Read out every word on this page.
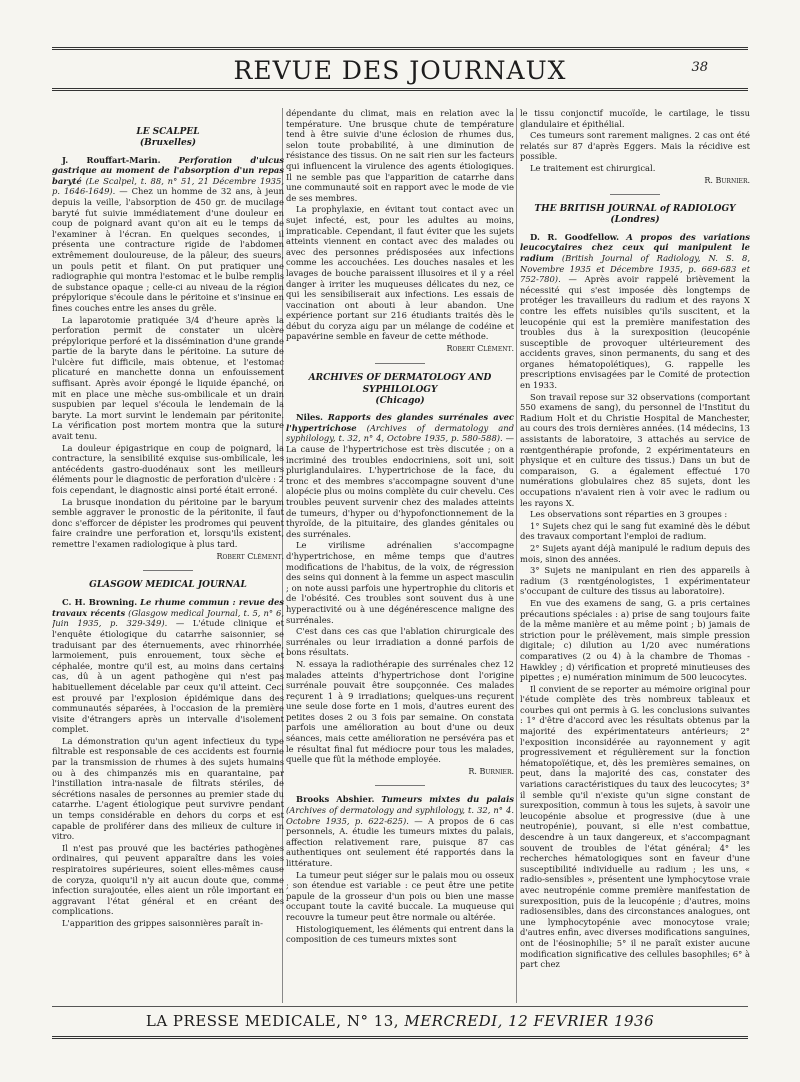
REVUE DES JOURNAUX	38
LE SCALPEL
(Bruxelles)

J. Rouffart-Marin. Perforation d'ulcus gastrique au moment de l'absorption d'un repas baryté (Le Scalpel, t. 88, n° 51, 21 Décembre 1935, p. 1646-1649). — Chez un homme de 32 ans, à jeun depuis la veille, l'absorption de 450 gr. de mucilage baryté fut suivie immédiatement d'une douleur en coup de poignard avant qu'on ait eu le temps de l'examiner à l'écran. En quelques secondes, il présenta une contracture rigide de l'abdomen extrêmement douloureuse, de la pâleur, des sueurs, un pouls petit et filant. On put pratiquer une radiographie qui montra l'estomac et le bulbe remplis de substance opaque ; celle-ci au niveau de la région prépylorique s'écoule dans le péritoine et s'insinue en fines couches entre les anses du grêle.

La laparotomie pratiquée 3/4 d'heure après la perforation permit de constater un ulcère prépylorique perforé et la dissémination d'une grande partie de la baryte dans le péritoine. La suture de l'ulcère fut difficile, mais obtenue, et l'estomac plicaturé en manchette donna un enfouissement suffisant. Après avoir épongé le liquide épanché, on mit en place une mèche sus-ombilicale et un drain suspubien par lequel s'écoula le lendemain de la baryte. La mort survint le lendemain par péritonite. La vérification post mortem montra que la suture avait tenu.

La douleur épigastrique en coup de poignard, la contracture, la sensibilité exquise sus-ombilicale, les antécédents gastro-duodénaux sont les meilleurs éléments pour le diagnostic de perforation d'ulcère : 2 fois cependant, le diagnostic ainsi porté était erroné.

La brusque inondation du péritoine par le baryum semble aggraver le pronostic de la péritonite, il faut donc s'efforcer de dépister les prodromes qui peuvent faire craindre une perforation et, lorsqu'ils existent, remettre l'examen radiologique à plus tard.

Robert Clément.
GLASGOW MEDICAL JOURNAL

C. H. Browning. Le rhume commun : revue des travaux récents (Glasgow medical Journal, t. 5, n° 6, Juin 1935, p. 329-349). — L'étude clinique et l'enquête étiologique du catarrhe saisonnier, se traduisant par des éternuements, avec rhinorrhée, larmoiement, puis enrouement, toux sèche et céphalée, montre qu'il est, au moins dans certains cas, dû à un agent pathogène qui n'est pas habituellement décelable par ceux qu'il atteint. Ceci est prouvé par l'explosion épidémique dans des communautés séparées, à l'occasion de la première visite d'étrangers après un intervalle d'isolement complet.

La démonstration qu'un agent infectieux du type filtrable est responsable de ces accidents est fournie par la transmission de rhumes à des sujets humains ou à des chimpanzés mis en quarantaine, par l'instillation intra-nasale de filtrats stériles, de sécrétions nasales de personnes au premier stade du catarrhe. L'agent étiologique peut survivre pendant un temps considérable en dehors du corps et est capable de proliférer dans des milieux de culture in vitro.

Il n'est pas prouvé que les bactéries pathogènes ordinaires, qui peuvent apparaître dans les voies respiratoires supérieures, soient elles-mêmes cause de coryza, quoiqu'il n'y ait aucun doute que, comme infection surajoutée, elles aient un rôle important en aggravant l'état général et en créant des complications.

L'apparition des grippes saisonnières paraît in-

dépendante du climat, mais en relation avec la température. Une brusque chute de température tend à être suivie d'une éclosion de rhumes dus, selon toute probabilité, à une diminution de résistance des tissus. On ne sait rien sur les facteurs qui influencent la virulence des agents étiologiques. Il ne semble pas que l'apparition de catarrhe dans une communauté soit en rapport avec le mode de vie de ses membres.

La prophylaxie, en évitant tout contact avec un sujet infecté, est, pour les adultes au moins, impraticable. Cependant, il faut éviter que les sujets atteints viennent en contact avec des malades ou avec des personnes prédisposées aux infections comme les accouchées. Les douches nasales et les lavages de bouche paraissent illusoires et il y a réel danger à irriter les muqueuses délicates du nez, ce qui les sensibiliserait aux infections. Les essais de vaccination ont abouti à leur abandon. Une expérience portant sur 216 étudiants traités dès le début du coryza aigu par un mélange de codéine et papavérine semble en faveur de cette méthode.

Robert Clément.
ARCHIVES OF DERMATOLOGY AND SYPHILOLOGY
(Chicago)

Niles. Rapports des glandes surrénales avec l'hypertrichose (Archives of dermatology and syphilology, t. 32, n° 4, Octobre 1935, p. 580-588). — La cause de l'hypertrichose est très discutée ; on a incriminé des troubles endocriniens, soit uni, soit pluriglandulaires. L'hypertrichose de la face, du tronc et des membres s'accompagne souvent d'une alopécie plus ou moins complète du cuir chevelu. Ces troubles peuvent survenir chez des malades atteints de tumeurs, d'hyper ou d'hypofonctionnement de la thyroïde, de la pituitaire, des glandes génitales ou des surrénales.

Le virilisme adrénalien s'accompagne d'hypertrichose, en même temps que d'autres modifications de l'habitus, de la voix, de régression des seins qui donnent à la femme un aspect masculin ; on note aussi parfois une hypertrophie du clitoris et de l'obésité. Ces troubles sont souvent dus à une hyperactivité ou à une dégénérescence maligne des surrénales.

C'est dans ces cas que l'ablation chirurgicale des surrénales ou leur irradiation a donné parfois de bons résultats.

N. essaya la radiothérapie des surrénales chez 12 malades atteints d'hypertrichose dont l'origine surrénale pouvait être soupçonnée. Ces malades reçurent 1 à 9 irradiations; quelques-uns reçurent une seule dose forte en 1 mois, d'autres eurent des petites doses 2 ou 3 fois par semaine. On constata parfois une amélioration au bout d'une ou deux séances, mais cette amélioration ne persévéra pas et le résultat final fut médiocre pour tous les malades, quelle que fût la méthode employée.

R. Burnier.

Brooks Abshier. Tumeurs mixtes du palais (Archives of dermatology and syphilology, t. 32, n° 4. Octobre 1935, p. 622-625). — A propos de 6 cas personnels, A. étudie les tumeurs mixtes du palais, affection relativement rare, puisque 87 cas authentiques ont seulement été rapportés dans la littérature.

La tumeur peut siéger sur le palais mou ou osseux ; son étendue est variable : ce peut être une petite papule de la grosseur d'un pois ou bien une masse occupant toute la cavité buccale. La muqueuse qui recouvre la tumeur peut être normale ou altérée.

Histologiquement, les éléments qui entrent dans la composition de ces tumeurs mixtes sont

le tissu conjonctif mucoïde, le cartilage, le tissu glandulaire et épithélial.

Ces tumeurs sont rarement malignes. 2 cas ont été relatés sur 87 d'après Eggers. Mais la récidive est possible.

Le traitement est chirurgical.

R. Burnier.
THE BRITISH JOURNAL of RADIOLOGY
(Londres)

D. R. Goodfellow. A propos des variations leucocytaires chez ceux qui manipulent le radium (British Journal of Radiology, N. S. 8, Novembre 1935 et Décembre 1935, p. 669-683 et 752-780). — Après avoir rappelé brièvement la nécessité qui s'est imposée dès longtemps de protéger les travailleurs du radium et des rayons X contre les effets nuisibles qu'ils suscitent, et la leucopénie qui est la première manifestation des troubles dus à la surexposition (leucopénie susceptible de provoquer ultérieurement des accidents graves, sinon permanents, du sang et des organes hématopoïétiques), G. rappelle les prescriptions envisagées par le Comité de protection en 1933.

Son travail repose sur 32 observations (comportant 550 examens de sang), du personnel de l'Institut du Radium Holt et du Christie Hospital de Manchester, au cours des trois dernières années. (14 médecins, 13 assistants de laboratoire, 3 attachés au service de rœntgenthérapie profonde, 2 expérimentateurs en physique et en culture des tissus.) Dans un but de comparaison, G. a également effectué 170 numérations globulaires chez 85 sujets, dont les occupations n'avaient rien à voir avec le radium ou les rayons X.

Les observations sont réparties en 3 groupes :

1° Sujets chez qui le sang fut examiné dès le début des travaux comportant l'emploi de radium.

2° Sujets ayant déjà manipulé le radium depuis des mois, sinon des années.

3° Sujets ne manipulant en rien des appareils à radium (3 rœntgénologistes, 1 expérimentateur s'occupant de culture des tissus au laboratoire).

En vue des examens de sang, G. a pris certaines précautions spéciales : a) prise de sang toujours faite de la même manière et au même point ; b) jamais de striction pour le prélèvement, mais simple pression digitale; c) dilution au 1/20 avec numérations comparatives (2 ou 4) à la chambre de Thomas - Hawkley ; d) vérification et propreté minutieuses des pipettes ; e) numération minimum de 500 leucocytes.

Il convient de se reporter au mémoire original pour l'étude complète des très nombreux tableaux et courbes qui ont permis à G. les conclusions suivantes : 1° d'être d'accord avec les résultats obtenus par la majorité des expérimentateurs antérieurs; 2° l'exposition inconsidérée au rayonnement y agit progressivement et régulièrement sur la fonction hématopoïétique, et, dès les premières semaines, on peut, dans la majorité des cas, constater des variations caractéristiques du taux des leucocytes; 3° il semble qu'il n'existe qu'un signe constant de surexposition, commun à tous les sujets, à savoir une leucopénie absolue et progressive (due à une neutropénie), pouvant, si elle n'est combattue, descendre à un taux dangereux, et s'accompagnant souvent de troubles de l'état général; 4° les recherches hématologiques sont en faveur d'une susceptibilité individuelle au radium ; les uns, « radio-sensibles », présentent une lymphocytose vraie avec neutropénie comme première manifestation de surexposition, puis de la leucopénie ; d'autres, moins radiosensibles, dans des circonstances analogues, ont une lymphocytopénie avec monocytose vraie; d'autres enfin, avec diverses modifications sanguines, ont de l'éosinophilie; 5° il ne paraît exister aucune modification significative des cellules basophiles; 6° à part chez

LA PRESSE MEDICALE, N° 13, MERCREDI, 12 FEVRIER 1936
